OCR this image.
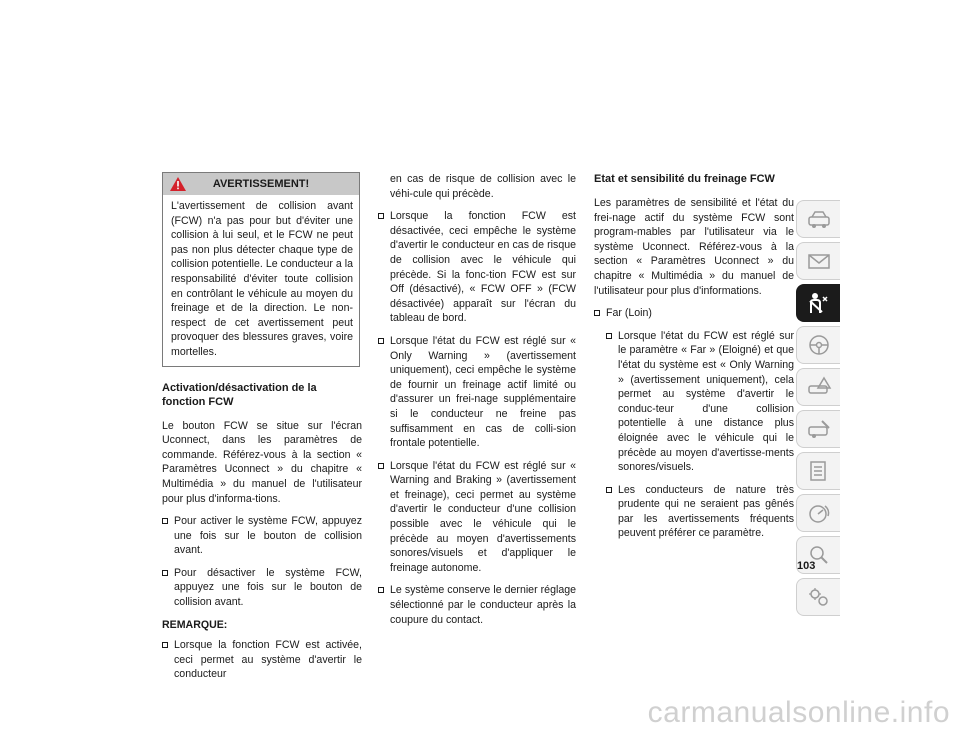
AVERTISSEMENT!
L'avertissement de collision avant (FCW) n'a pas pour but d'éviter une collision à lui seul, et le FCW ne peut pas non plus détecter chaque type de collision potentielle. Le conducteur a la responsabilité d'éviter toute collision en contrôlant le véhicule au moyen du freinage et de la direction. Le non-respect de cet avertissement peut provoquer des blessures graves, voire mortelles.
Activation/désactivation de la fonction FCW

Le bouton FCW se situe sur l'écran Uconnect, dans les paramètres de commande. Référez-vous à la section « Paramètres Uconnect » du chapitre « Multimédia » du manuel de l'utilisateur pour plus d'informa-tions.

Pour activer le système FCW, appuyez une fois sur le bouton de collision avant.
Pour désactiver le système FCW, appuyez une fois sur le bouton de collision avant.
REMARQUE:
Lorsque la fonction FCW est activée, ceci permet au système d'avertir le conducteur

en cas de risque de collision avec le véhi-cule qui précède.

Lorsque la fonction FCW est désactivée, ceci empêche le système d'avertir le conducteur en cas de risque de collision avec le véhicule qui précède. Si la fonc-tion FCW est sur Off (désactivé), « FCW OFF » (FCW désactivée) apparaît sur l'écran du tableau de bord.
Lorsque l'état du FCW est réglé sur « Only Warning » (avertissement uniquement), ceci empêche le système de fournir un freinage actif limité ou d'assurer un frei-nage supplémentaire si le conducteur ne freine pas suffisamment en cas de colli-sion frontale potentielle.
Lorsque l'état du FCW est réglé sur « Warning and Braking » (avertissement et freinage), ceci permet au système d'avertir le conducteur d'une collision possible avec le véhicule qui le précède au moyen d'avertissements sonores/visuels et d'appliquer le freinage autonome.
Le système conserve le dernier réglage sélectionné par le conducteur après la coupure du contact.
Etat et sensibilité du freinage FCW

Les paramètres de sensibilité et l'état du frei-nage actif du système FCW sont program-mables par l'utilisateur via le système Uconnect. Référez-vous à la section « Paramètres Uconnect » du chapitre « Multimédia » du manuel de l'utilisateur pour plus d'informations.

Far (Loin)
Lorsque l'état du FCW est réglé sur le paramètre « Far » (Eloigné) et que l'état du système est « Only Warning » (avertissement uniquement), cela permet au système d'avertir le conduc-teur d'une collision potentielle à une distance plus éloignée avec le véhicule qui le précède au moyen d'avertisse-ments sonores/visuels.
Les conducteurs de nature très prudente qui ne seraient pas gênés par les avertissements fréquents peuvent préférer ce paramètre.
103
carmanualsonline.info
